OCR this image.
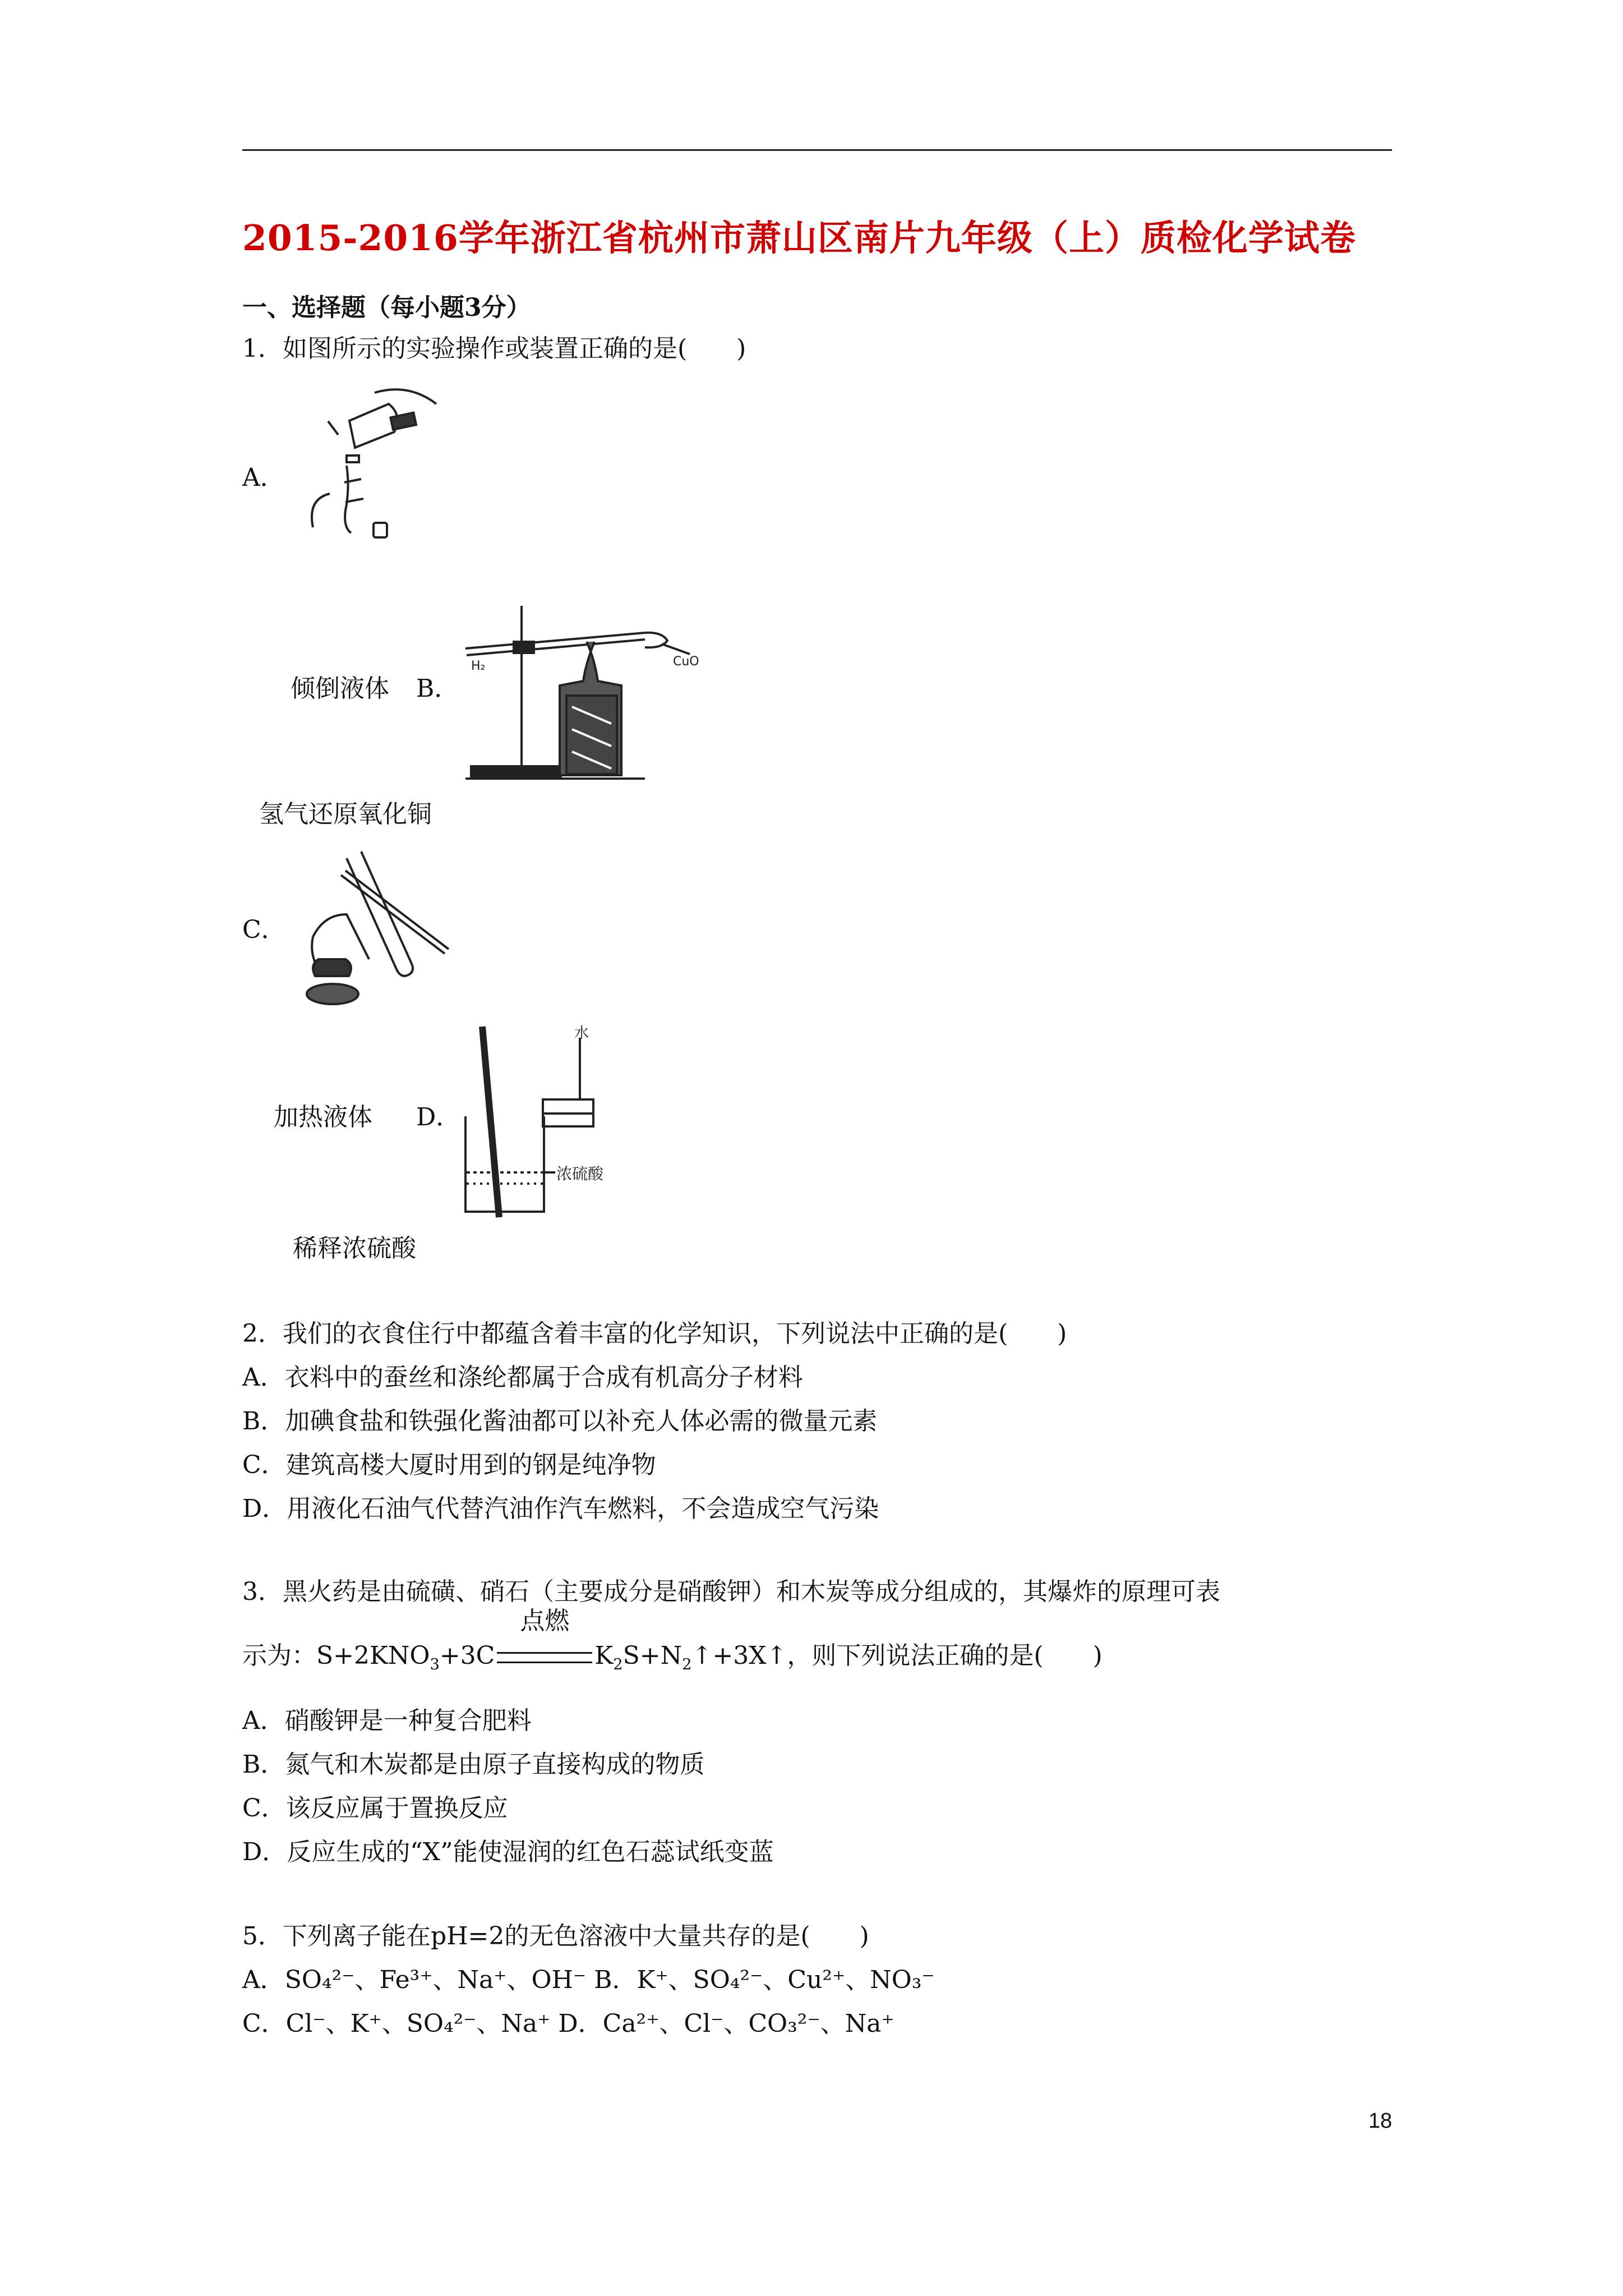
2015-2016学年浙江省杭州市萧山区南片九年级（上）质检化学试卷
一、选择题（每小题3分）
1．如图所示的实验操作或装置正确的是(　　)
A．
倾倒液体 B．
H₂	CuO
氢气还原氧化铜
C．
加热液体 D．
水
浓硫酸
稀释浓硫酸
2．我们的衣食住行中都蕴含着丰富的化学知识，下列说法中正确的是(　　)
A．衣料中的蚕丝和涤纶都属于合成有机高分子材料
B．加碘食盐和铁强化酱油都可以补充人体必需的微量元素
C．建筑高楼大厦时用到的钢是纯净物
D．用液化石油气代替汽油作汽车燃料，不会造成空气污染
3．黑火药是由硫磺、硝石（主要成分是硝酸钾）和木炭等成分组成的，其爆炸的原理可表
示为：$S+2KNO_3+3C$
点燃
$K_2S+N_2↑+3X↑$，则下列说法正确的是(　　)
A．硝酸钾是一种复合肥料
B．氮气和木炭都是由原子直接构成的物质
C．该反应属于置换反应
D．反应生成的“X”能使湿润的红色石蕊试纸变蓝
5．下列离子能在pH=2的无色溶液中大量共存的是(　　)
A．SO₄²⁻、Fe³⁺、Na⁺、OH⁻ B．K⁺、SO₄²⁻、Cu²⁺、NO₃⁻
C．Cl⁻、K⁺、SO₄²⁻、Na⁺ D．Ca²⁺、Cl⁻、CO₃²⁻、Na⁺
18
